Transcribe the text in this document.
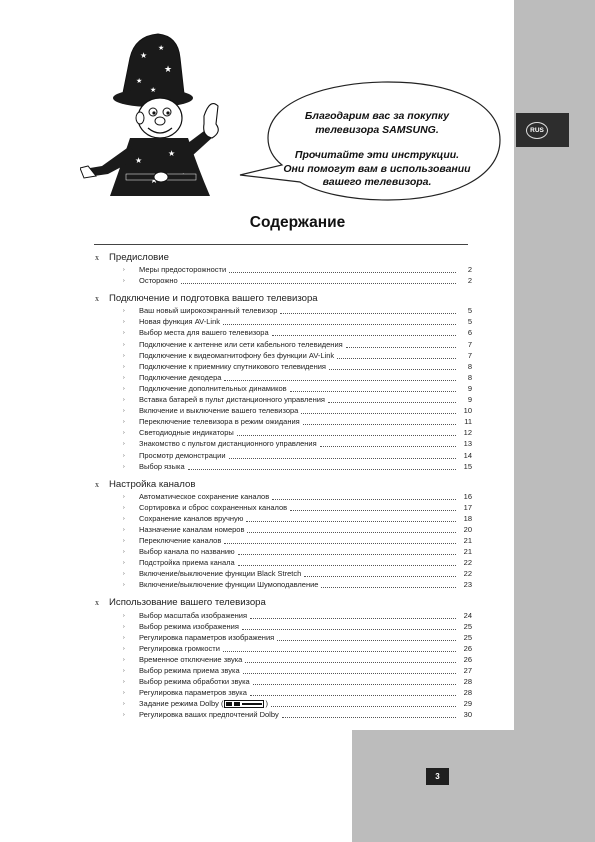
RUS

Благодарим вас за покупку

телевизора SAMSUNG.

Прочитайте эти инструкции.

Они помогут вам в использовании

вашего телевизора.

★
★
★
★
★
★
★
Содержание
x	Предисловие
›	Меры предосторожности	2
›	Осторожно	2
x	Подключение и подготовка вашего телевизора
›	Ваш новый широкоэкранный телевизор	5
›	Новая функция AV-Link	5
›	Выбор места для вашего телевизора	6
›	Подключение к антенне или сети кабельного телевидения	7
›	Подключение к видеомагнитофону без функции AV-Link	7
›	Подключение к приемнику спутникового телевидения	8
›	Подключение декодера	8
›	Подключение дополнительных динамиков	9
›	Вставка батарей в пульт дистанционного управления	9
›	Включение и выключение вашего телевизора	10
›	Переключение телевизора в режим ожидания	11
›	Светодиодные индикаторы	12
›	Знакомство с пультом дистанционного управления	13
›	Просмотр демонстрации	14
›	Выбор языка	15
x	Настройка каналов
›	Автоматическое сохранение каналов	16
›	Сортировка и сброс сохраненных каналов	17
›	Сохранение каналов вручную	18
›	Назначение каналам номеров	20
›	Переключение каналов	21
›	Выбор канала по названию	21
›	Подстройка приема канала	22
›	Включение/выключение функции Black Stretch	22
›	Включение/выключение функции Шумоподавление	23
x	Использование вашего телевизора
›	Выбор масштаба изображения	24
›	Выбор режима изображения	25
›	Регулировка параметров изображения	25
›	Регулировка громкости	26
›	Временное отключение звука	26
›	Выбор режима приема звука	27
›	Выбор режима обработки звука	28
›	Регулировка параметров звука	28
›	Задание режима Dolby (	)	29
›	Регулировка ваших предпочтений Dolby	30
3
